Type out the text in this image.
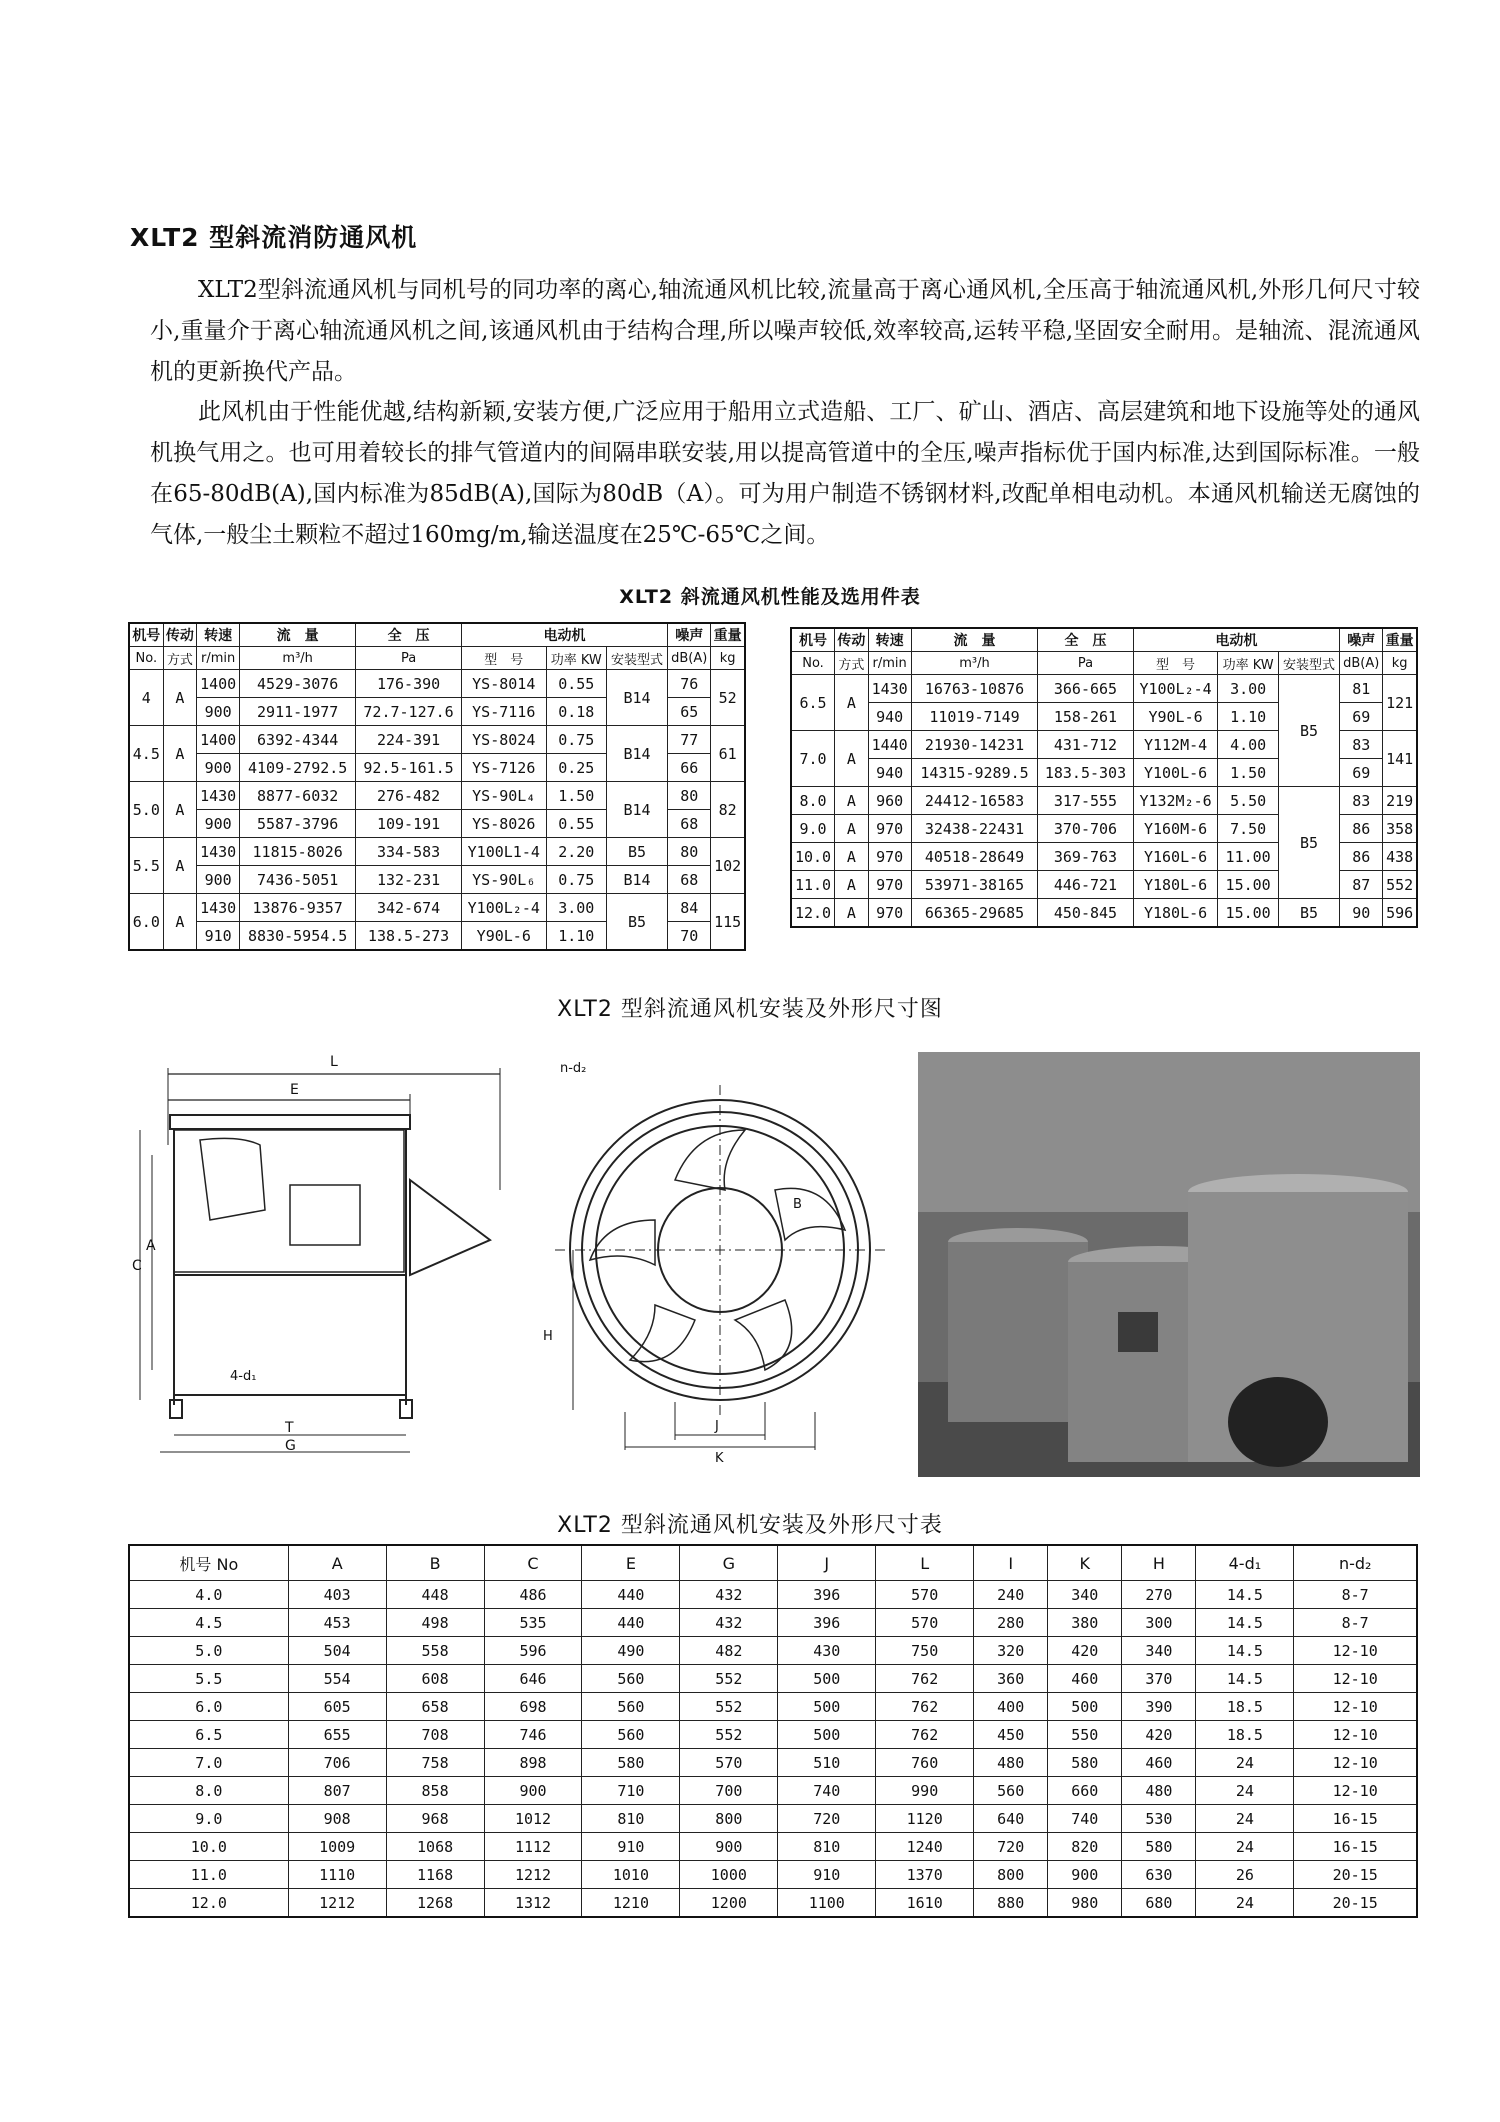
XLT2 型斜流消防通风机

XLT2型斜流通风机与同机号的同功率的离心,轴流通风机比较,流量高于离心通风机,全压高于轴流通风机,外形几何尺寸较小,重量介于离心轴流通风机之间,该通风机由于结构合理,所以噪声较低,效率较高,运转平稳,坚固安全耐用。是轴流、混流通风机的更新换代产品。

此风机由于性能优越,结构新颖,安装方便,广泛应用于船用立式造船、工厂、矿山、酒店、高层建筑和地下设施等处的通风机换气用之。也可用着较长的排气管道内的间隔串联安装,用以提高管道中的全压,噪声指标优于国内标准,达到国际标准。一般在65-80dB(A),国内标准为85dB(A),国际为80dB（A）。可为用户制造不锈钢材料,改配单相电动机。本通风机输送无腐蚀的气体,一般尘土颗粒不超过160mg/m,输送温度在25℃-65℃之间。

XLT2 斜流通风机性能及选用件表
机号	传动	转速	流　量	全　压	电动机			噪声	重量
No.	方式	r/min	m³/h	Pa	型　号	功率 KW	安装型式	dB(A)	kg
4	A	1400	4529-3076	176-390	YS-8014	0.55	B14	76	52
		900	2911-1977	72.7-127.6	YS-7116	0.18		65	
4.5	A	1400	6392-4344	224-391	YS-8024	0.75	B14	77	61
		900	4109-2792.5	92.5-161.5	YS-7126	0.25		66	
5.0	A	1430	8877-6032	276-482	YS-90L₄	1.50	B14	80	82
		900	5587-3796	109-191	YS-8026	0.55		68	
5.5	A	1430	11815-8026	334-583	Y100L1-4	2.20	B5	80	102
		900	7436-5051	132-231	YS-90L₆	0.75	B14	68	
6.0	A	1430	13876-9357	342-674	Y100L₂-4	3.00	B5	84	115
		910	8830-5954.5	138.5-273	Y90L-6	1.10		70	
机号	传动	转速	流　量	全　压	电动机			噪声	重量
No.	方式	r/min	m³/h	Pa	型　号	功率 KW	安装型式	dB(A)	kg
6.5	A	1430	16763-10876	366-665	Y100L₂-4	3.00	B5	81	121
		940	11019-7149	158-261	Y90L-6	1.10		69	
7.0	A	1440	21930-14231	431-712	Y112M-4	4.00		83	141
		940	14315-9289.5	183.5-303	Y100L-6	1.50		69	
8.0	A	960	24412-16583	317-555	Y132M₂-6	5.50	B5	83	219
9.0	A	970	32438-22431	370-706	Y160M-6	7.50		86	358
10.0	A	970	40518-28649	369-763	Y160L-6	11.00		86	438
11.0	A	970	53971-38165	446-721	Y180L-6	15.00		87	552
12.0	A	970	66365-29685	450-845	Y180L-6	15.00	B5	90	596
XLT2 型斜流通风机安装及外形尺寸图
L
E
C
A
4-d₁
T
G
n-d₂
B
H
J
K
XLT2 型斜流通风机安装及外形尺寸表
机号 No	A	B	C	E	G	J	L	I	K	H	4-d₁	n-d₂
4.0	403	448	486	440	432	396	570	240	340	270	14.5	8-7
4.5	453	498	535	440	432	396	570	280	380	300	14.5	8-7
5.0	504	558	596	490	482	430	750	320	420	340	14.5	12-10
5.5	554	608	646	560	552	500	762	360	460	370	14.5	12-10
6.0	605	658	698	560	552	500	762	400	500	390	18.5	12-10
6.5	655	708	746	560	552	500	762	450	550	420	18.5	12-10
7.0	706	758	898	580	570	510	760	480	580	460	24	12-10
8.0	807	858	900	710	700	740	990	560	660	480	24	12-10
9.0	908	968	1012	810	800	720	1120	640	740	530	24	16-15
10.0	1009	1068	1112	910	900	810	1240	720	820	580	24	16-15
11.0	1110	1168	1212	1010	1000	910	1370	800	900	630	26	20-15
12.0	1212	1268	1312	1210	1200	1100	1610	880	980	680	24	20-15
